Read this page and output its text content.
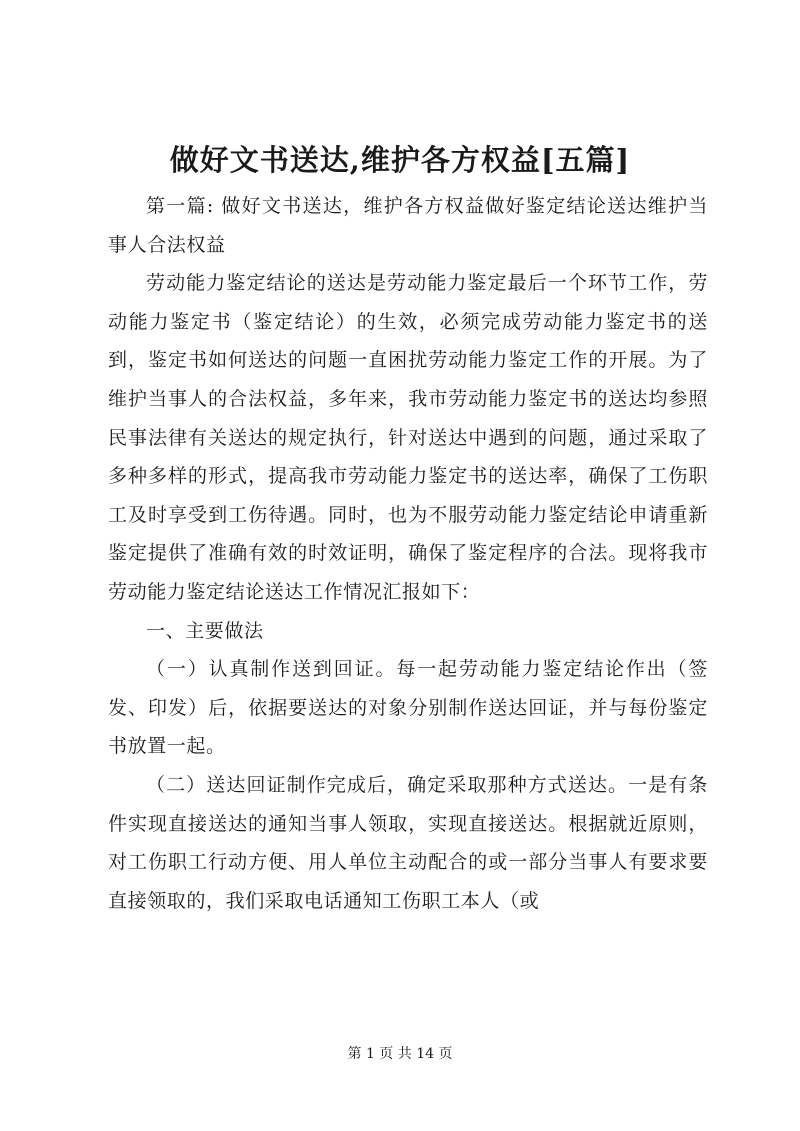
做好文书送达,维护各方权益[五篇]

第一篇: 做好文书送达，维护各方权益做好鉴定结论送达维护当事人合法权益

劳动能力鉴定结论的送达是劳动能力鉴定最后一个环节工作，劳动能力鉴定书（鉴定结论）的生效，必须完成劳动能力鉴定书的送到，鉴定书如何送达的问题一直困扰劳动能力鉴定工作的开展。为了维护当事人的合法权益，多年来，我市劳动能力鉴定书的送达均参照民事法律有关送达的规定执行，针对送达中遇到的问题，通过采取了多种多样的形式，提高我市劳动能力鉴定书的送达率，确保了工伤职工及时享受到工伤待遇。同时，也为不服劳动能力鉴定结论申请重新鉴定提供了准确有效的时效证明，确保了鉴定程序的合法。现将我市劳动能力鉴定结论送达工作情况汇报如下：

一、主要做法

（一）认真制作送到回证。每一起劳动能力鉴定结论作出（签发、印发）后，依据要送达的对象分别制作送达回证，并与每份鉴定书放置一起。

（二）送达回证制作完成后，确定采取那种方式送达。一是有条件实现直接送达的通知当事人领取，实现直接送达。根据就近原则，对工伤职工行动方便、用人单位主动配合的或一部分当事人有要求要直接领取的，我们采取电话通知工伤职工本人（或

第 1 页 共 14 页
